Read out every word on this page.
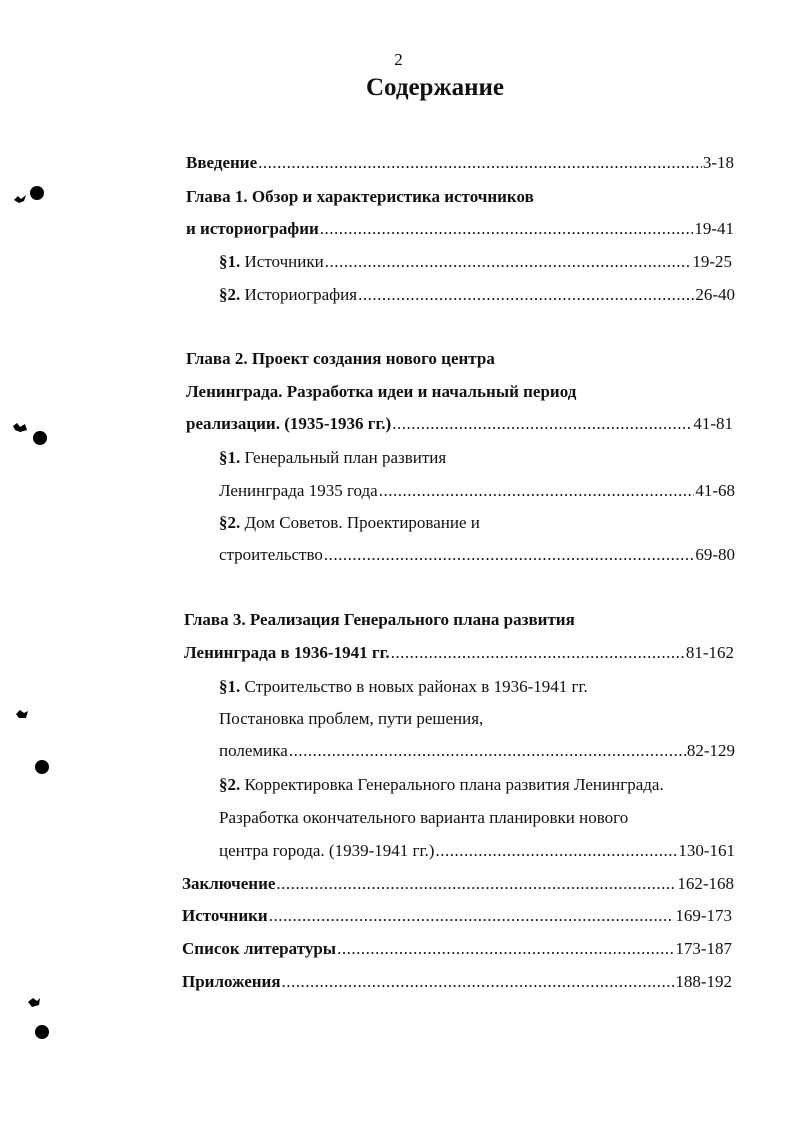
2
Содержание
Введение .....	3-18
Глава 1. Обзор и характеристика источников
и историографии .....	19-41
§1.
Источники .....	19-25
§2.
Историография .....	26-40
Глава 2. Проект создания нового центра
Ленинграда. Разработка идеи и начальный период
реализации. (1935-1936 гг.) .....	41-81
§1.
Генеральный план развития
Ленинграда 1935 года .....	41-68
§2.
Дом Советов. Проектирование и
строительство .....	69-80
Глава 3. Реализация Генерального плана развития
Ленинграда в 1936-1941 гг. .....	81-162
§1.
Строительство в новых районах в 1936-1941 гг.
Постановка проблем, пути решения,
полемика .....	82-129
§2.
Корректировка Генерального плана развития Ленинграда.
Разработка окончательного варианта планировки нового
центра города. (1939-1941 гг.) .....	130-161
Заключение .....	162-168
Источники .....	169-173
Список литературы .....	173-187
Приложения .....	188-192
